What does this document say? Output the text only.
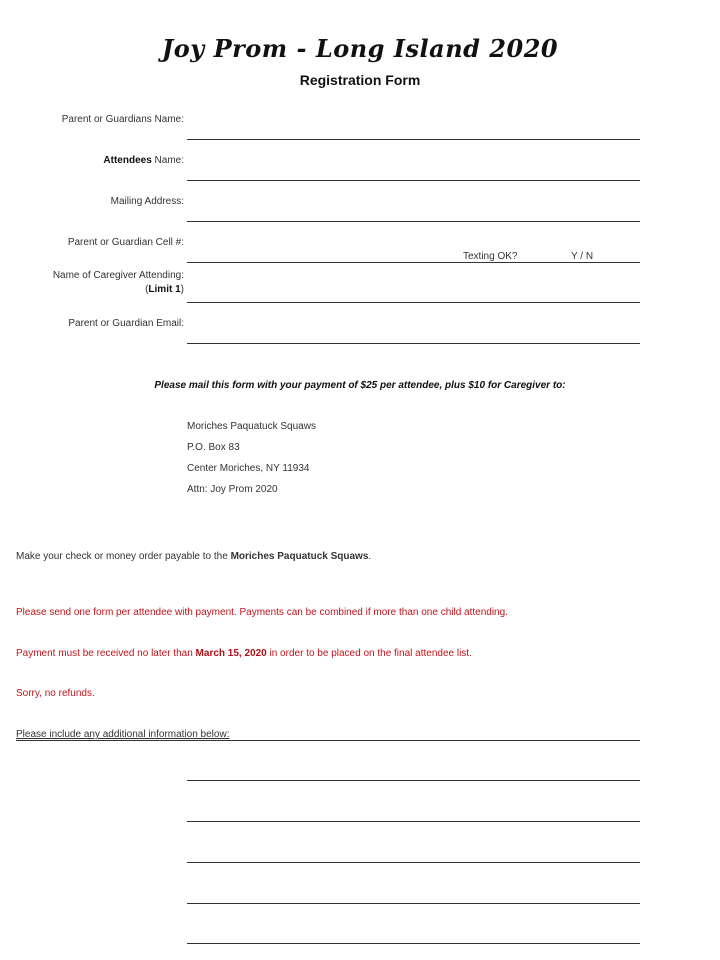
Joy Prom - Long Island 2020
Registration Form
Parent or Guardians Name:
Attendees Name:
Mailing Address:
Parent or Guardian Cell #:
Texting OK?	Y / N
Name of Caregiver Attending:
(Limit 1)
Parent or Guardian Email:
Please mail this form with your payment of $25 per attendee, plus $10 for Caregiver to:
Moriches Paquatuck Squaws
P.O. Box 83
Center Moriches, NY 11934
Attn: Joy Prom 2020
Make your check or money order payable to the Moriches Paquatuck Squaws.
Please send one form per attendee with payment. Payments can be combined if more than one child attending.
Payment must be received no later than March 15, 2020 in order to be placed on the final attendee list.
Sorry, no refunds.
Please include any additional information below:
